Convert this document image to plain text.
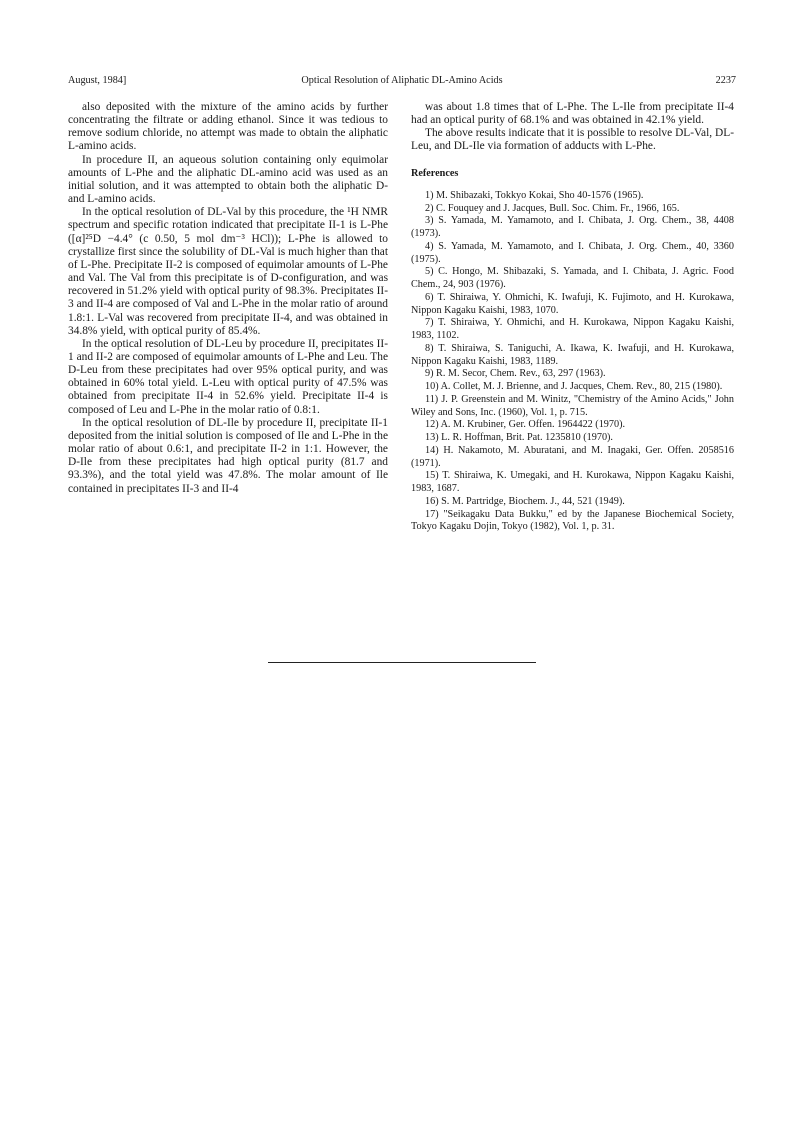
August, 1984]	Optical Resolution of Aliphatic DL-Amino Acids	2237

also deposited with the mixture of the amino acids by further concentrating the filtrate or adding ethanol. Since it was tedious to remove sodium chloride, no attempt was made to obtain the aliphatic L-amino acids.

In procedure II, an aqueous solution containing only equimolar amounts of L-Phe and the aliphatic DL-amino acid was used as an initial solution, and it was attempted to obtain both the aliphatic D- and L-amino acids.

In the optical resolution of DL-Val by this procedure, the ¹H NMR spectrum and specific rotation indicated that precipitate II-1 is L-Phe ([α]²⁵D −4.4° (c 0.50, 5 mol dm⁻³ HCl)); L-Phe is allowed to crystallize first since the solubility of DL-Val is much higher than that of L-Phe. Precipitate II-2 is composed of equimolar amounts of L-Phe and Val. The Val from this precipitate is of D-configuration, and was recovered in 51.2% yield with optical purity of 98.3%. Precipitates II-3 and II-4 are composed of Val and L-Phe in the molar ratio of around 1.8:1. L-Val was recovered from precipitate II-4, and was obtained in 34.8% yield, with optical purity of 85.4%.

In the optical resolution of DL-Leu by procedure II, precipitates II-1 and II-2 are composed of equimolar amounts of L-Phe and Leu. The D-Leu from these precipitates had over 95% optical purity, and was obtained in 60% total yield. L-Leu with optical purity of 47.5% was obtained from precipitate II-4 in 52.6% yield. Precipitate II-4 is composed of Leu and L-Phe in the molar ratio of 0.8:1.

In the optical resolution of DL-Ile by procedure II, precipitate II-1 deposited from the initial solution is composed of Ile and L-Phe in the molar ratio of about 0.6:1, and precipitate II-2 in 1:1. However, the D-Ile from these precipitates had high optical purity (81.7 and 93.3%), and the total yield was 47.8%. The molar amount of Ile contained in precipitates II-3 and II-4

was about 1.8 times that of L-Phe. The L-Ile from precipitate II-4 had an optical purity of 68.1% and was obtained in 42.1% yield.

The above results indicate that it is possible to resolve DL-Val, DL-Leu, and DL-Ile via formation of adducts with L-Phe.

References

1) M. Shibazaki, Tokkyo Kokai, Sho 40-1576 (1965).

2) C. Fouquey and J. Jacques, Bull. Soc. Chim. Fr., 1966, 165.

3) S. Yamada, M. Yamamoto, and I. Chibata, J. Org. Chem., 38, 4408 (1973).

4) S. Yamada, M. Yamamoto, and I. Chibata, J. Org. Chem., 40, 3360 (1975).

5) C. Hongo, M. Shibazaki, S. Yamada, and I. Chibata, J. Agric. Food Chem., 24, 903 (1976).

6) T. Shiraiwa, Y. Ohmichi, K. Iwafuji, K. Fujimoto, and H. Kurokawa, Nippon Kagaku Kaishi, 1983, 1070.

7) T. Shiraiwa, Y. Ohmichi, and H. Kurokawa, Nippon Kagaku Kaishi, 1983, 1102.

8) T. Shiraiwa, S. Taniguchi, A. Ikawa, K. Iwafuji, and H. Kurokawa, Nippon Kagaku Kaishi, 1983, 1189.

9) R. M. Secor, Chem. Rev., 63, 297 (1963).

10) A. Collet, M. J. Brienne, and J. Jacques, Chem. Rev., 80, 215 (1980).

11) J. P. Greenstein and M. Winitz, "Chemistry of the Amino Acids," John Wiley and Sons, Inc. (1960), Vol. 1, p. 715.

12) A. M. Krubiner, Ger. Offen. 1964422 (1970).

13) L. R. Hoffman, Brit. Pat. 1235810 (1970).

14) H. Nakamoto, M. Aburatani, and M. Inagaki, Ger. Offen. 2058516 (1971).

15) T. Shiraiwa, K. Umegaki, and H. Kurokawa, Nippon Kagaku Kaishi, 1983, 1687.

16) S. M. Partridge, Biochem. J., 44, 521 (1949).

17) "Seikagaku Data Bukku," ed by the Japanese Biochemical Society, Tokyo Kagaku Dojin, Tokyo (1982), Vol. 1, p. 31.
